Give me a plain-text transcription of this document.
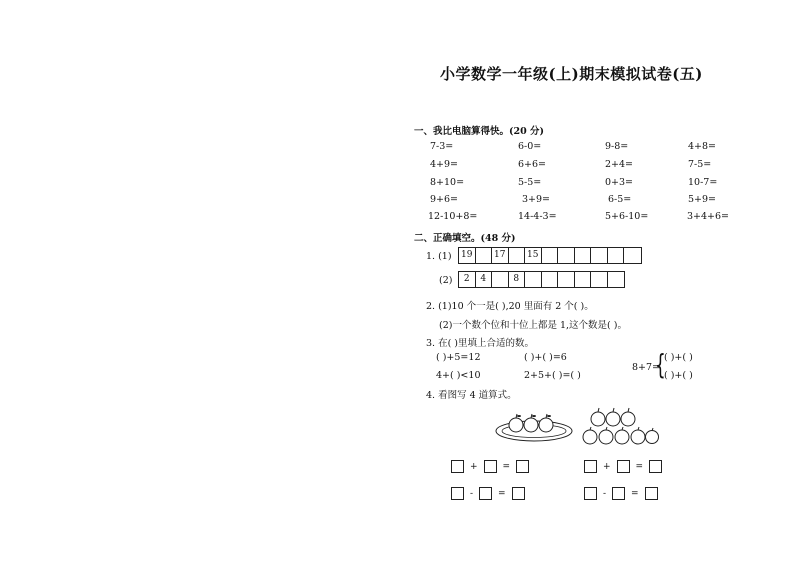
小学数学一年级(上)期末模拟试卷(五)
一、我比电脑算得快。(20 分)
7-3=	6-0=	9-8=	4+8=
4+9=	6+6=	2+4=	7-5=
8+10=	5-5=	0+3=	10-7=
9+6=	3+9=	6-5=	5+9=
12-10+8=	14-4-3=	5+6-10=	3+4+6=
二、正确填空。(48 分)
1. (1) 19	17	15
(2)	2	4	8
2. (1)10 个一是( ),20 里面有 2 个( )。
(2)一个数个位和十位上都是 1,这个数是( )。
3. 在( )里填上合适的数。
( )+5=12	( )+( )=6
4+( )<10	2+5+( )=( )
8+7=
{
( )+( )
( )+( )
4. 看图写 4 道算式。
+	=	+	=
-	=	-	=
